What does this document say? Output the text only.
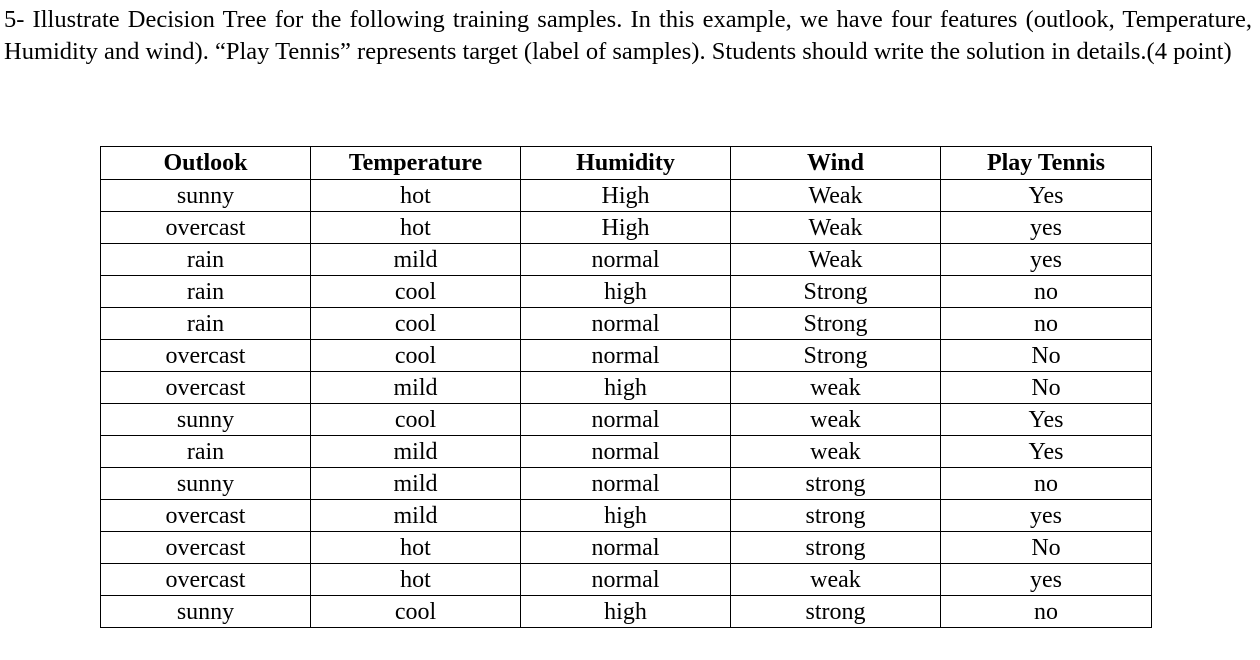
5- Illustrate Decision Tree for the following training samples. In this example, we have four features (outlook, Temperature, Humidity and wind). “Play Tennis” represents target (label of samples). Students should write the solution in details.(4 point)

Outlook	Temperature	Humidity	Wind	Play Tennis
sunny	hot	High	Weak	Yes
overcast	hot	High	Weak	yes
rain	mild	normal	Weak	yes
rain	cool	high	Strong	no
rain	cool	normal	Strong	no
overcast	cool	normal	Strong	No
overcast	mild	high	weak	No
sunny	cool	normal	weak	Yes
rain	mild	normal	weak	Yes
sunny	mild	normal	strong	no
overcast	mild	high	strong	yes
overcast	hot	normal	strong	No
overcast	hot	normal	weak	yes
sunny	cool	high	strong	no
